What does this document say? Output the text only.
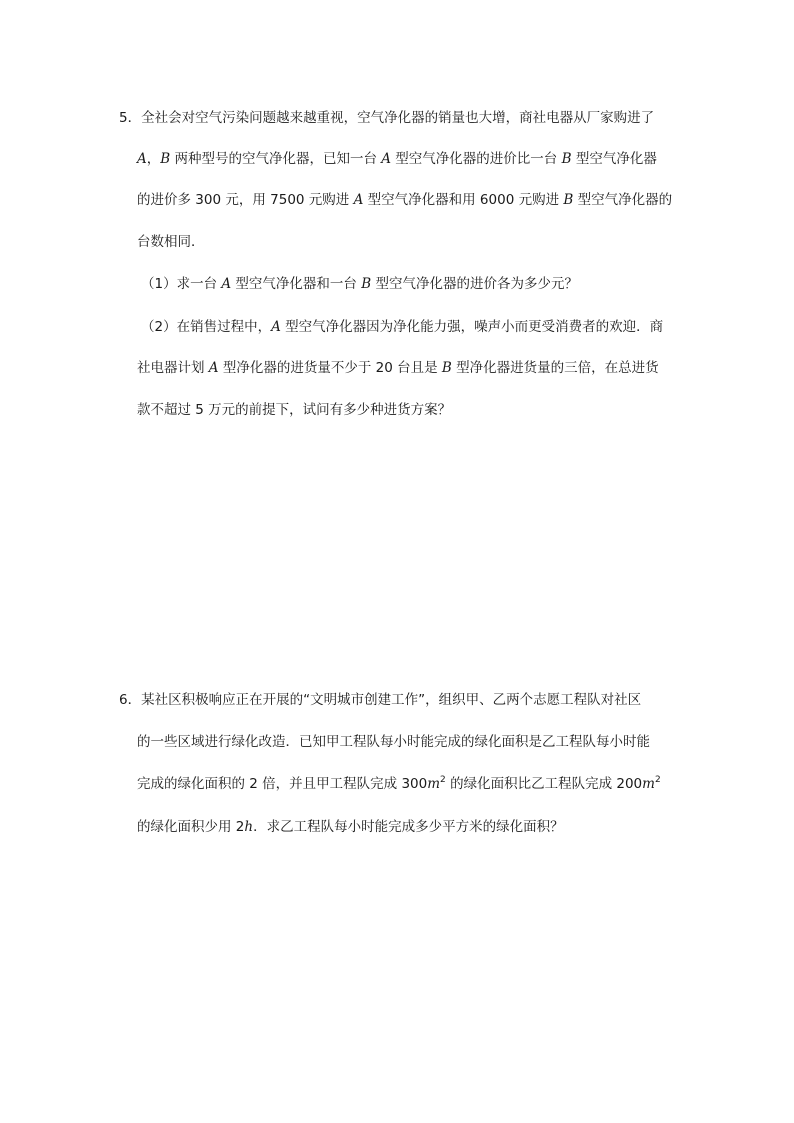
5．全社会对空气污染问题越来越重视，空气净化器的销量也大增，商社电器从厂家购进了
A，B 两种型号的空气净化器，已知一台 A 型空气净化器的进价比一台 B 型空气净化器
的进价多 300 元，用 7500 元购进 A 型空气净化器和用 6000 元购进 B 型空气净化器的
台数相同．
（1）求一台 A 型空气净化器和一台 B 型空气净化器的进价各为多少元？
（2）在销售过程中，A 型空气净化器因为净化能力强，噪声小而更受消费者的欢迎．商
社电器计划 A 型净化器的进货量不少于 20 台且是 B 型净化器进货量的三倍，在总进货
款不超过 5 万元的前提下，试问有多少种进货方案？
6．某社区积极响应正在开展的“文明城市创建工作”，组织甲、乙两个志愿工程队对社区
的一些区域进行绿化改造．已知甲工程队每小时能完成的绿化面积是乙工程队每小时能
完成的绿化面积的 2 倍，并且甲工程队完成 $300m^2$ 的绿化面积比乙工程队完成 $200m^2$
的绿化面积少用 2h．求乙工程队每小时能完成多少平方米的绿化面积？
